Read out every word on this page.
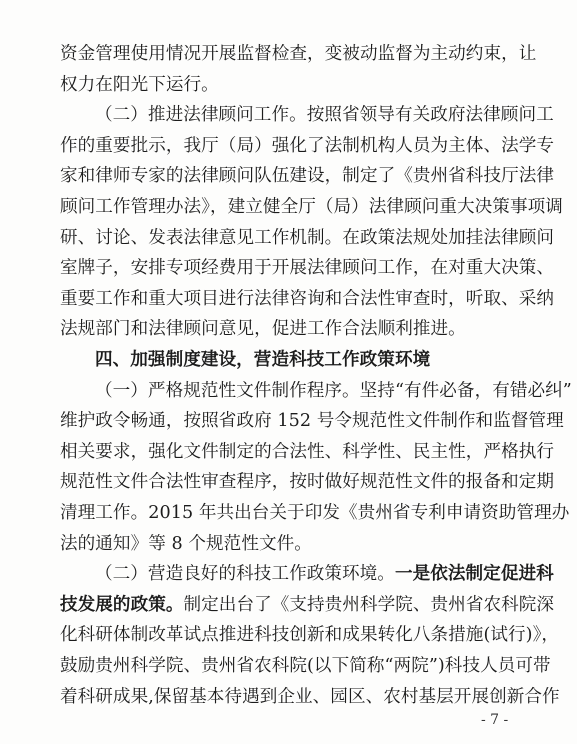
资金管理使用情况开展监督检查，变被动监督为主动约束，让
权力在阳光下运行。
（二）推进法律顾问工作。按照省领导有关政府法律顾问工
作的重要批示，我厅（局）强化了法制机构人员为主体、法学专
家和律师专家的法律顾问队伍建设，制定了《贵州省科技厅法律
顾问工作管理办法》，建立健全厅（局）法律顾问重大决策事项调
研、讨论、发表法律意见工作机制。在政策法规处加挂法律顾问
室牌子，安排专项经费用于开展法律顾问工作，在对重大决策、
重要工作和重大项目进行法律咨询和合法性审查时，听取、采纳
法规部门和法律顾问意见，促进工作合法顺利推进。
四、加强制度建设，营造科技工作政策环境
（一）严格规范性文件制作程序。坚持“有件必备，有错必纠”
维护政令畅通，按照省政府 152 号令规范性文件制作和监督管理
相关要求，强化文件制定的合法性、科学性、民主性，严格执行
规范性文件合法性审查程序，按时做好规范性文件的报备和定期
清理工作。2015 年共出台关于印发《贵州省专利申请资助管理办
法的通知》等 8 个规范性文件。
（二）营造良好的科技工作政策环境。一是依法制定促进科
技发展的政策。制定出台了《支持贵州科学院、贵州省农科院深
化科研体制改革试点推进科技创新和成果转化八条措施(试行)》，
- 7 -
鼓励贵州科学院、贵州省农科院(以下简称“两院”)科技人员可带
着科研成果,保留基本待遇到企业、园区、农村基层开展创新合作
